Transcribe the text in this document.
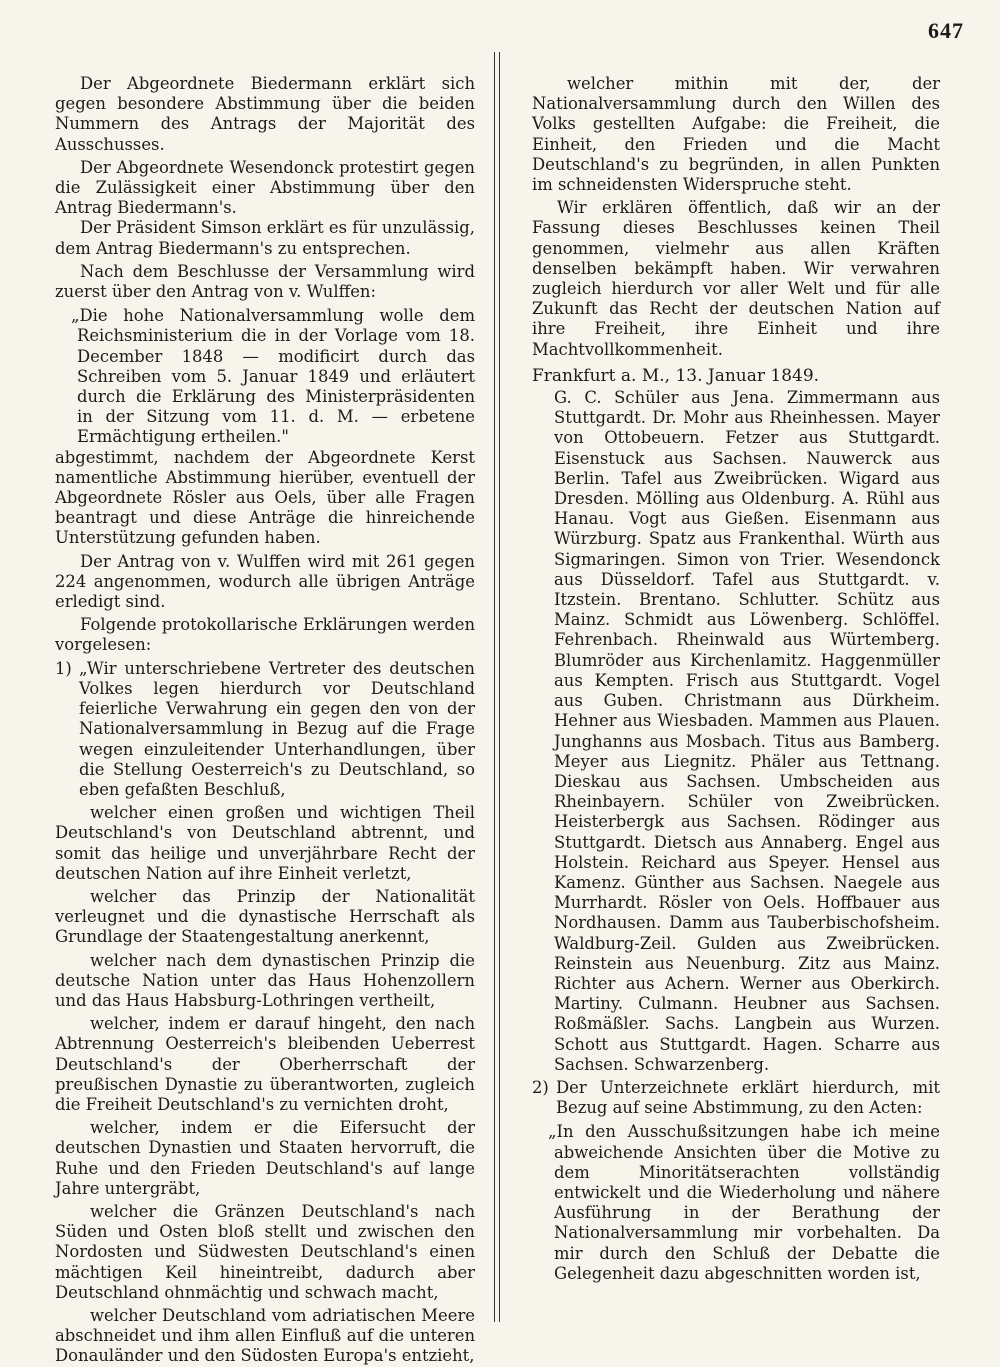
647

Der Abgeordnete Biedermann erklärt sich gegen besondere Abstimmung über die beiden Nummern des Antrags der Majorität des Ausschusses.

Der Abgeordnete Wesendonck protestirt gegen die Zulässigkeit einer Abstimmung über den Antrag Biedermann's.

Der Präsident Simson erklärt es für unzulässig, dem Antrag Biedermann's zu entsprechen.

Nach dem Beschlusse der Versammlung wird zuerst über den Antrag von v. Wulffen:

„Die hohe Nationalversammlung wolle dem Reichsministerium die in der Vorlage vom 18. December 1848 — modificirt durch das Schreiben vom 5. Januar 1849 und erläutert durch die Erklärung des Ministerpräsidenten in der Sitzung vom 11. d. M. — erbetene Ermächtigung ertheilen."

abgestimmt, nachdem der Abgeordnete Kerst namentliche Abstimmung hierüber, eventuell der Abgeordnete Rösler aus Oels, über alle Fragen beantragt und diese Anträge die hinreichende Unterstützung gefunden haben.

Der Antrag von v. Wulffen wird mit 261 gegen 224 angenommen, wodurch alle übrigen Anträge erledigt sind.

Folgende protokollarische Erklärungen werden vorgelesen:

1) „Wir unterschriebene Vertreter des deutschen Volkes legen hierdurch vor Deutschland feierliche Verwahrung ein gegen den von der Nationalversammlung in Bezug auf die Frage wegen einzuleitender Unterhandlungen, über die Stellung Oesterreich's zu Deutschland, so eben gefaßten Beschluß,

welcher einen großen und wichtigen Theil Deutschland's von Deutschland abtrennt, und somit das heilige und unverjährbare Recht der deutschen Nation auf ihre Einheit verletzt,

welcher das Prinzip der Nationalität verleugnet und die dynastische Herrschaft als Grundlage der Staatengestaltung anerkennt,

welcher nach dem dynastischen Prinzip die deutsche Nation unter das Haus Hohenzollern und das Haus Habsburg-Lothringen vertheilt,

welcher, indem er darauf hingeht, den nach Abtrennung Oesterreich's bleibenden Ueberrest Deutschland's der Oberherrschaft der preußischen Dynastie zu überantworten, zugleich die Freiheit Deutschland's zu vernichten droht,

welcher, indem er die Eifersucht der deutschen Dynastien und Staaten hervorruft, die Ruhe und den Frieden Deutschland's auf lange Jahre untergräbt,

welcher die Gränzen Deutschland's nach Süden und Osten bloß stellt und zwischen den Nordosten und Südwesten Deutschland's einen mächtigen Keil hineintreibt, dadurch aber Deutschland ohnmächtig und schwach macht,

welcher Deutschland vom adriatischen Meere abschneidet und ihm allen Einfluß auf die unteren Donauländer und den Südosten Europa's entzieht,

welcher mithin mit der, der Nationalversammlung durch den Willen des Volks gestellten Aufgabe: die Freiheit, die Einheit, den Frieden und die Macht Deutschland's zu begründen, in allen Punkten im schneidensten Widerspruche steht.

Wir erklären öffentlich, daß wir an der Fassung dieses Beschlusses keinen Theil genommen, vielmehr aus allen Kräften denselben bekämpft haben. Wir verwahren zugleich hierdurch vor aller Welt und für alle Zukunft das Recht der deutschen Nation auf ihre Freiheit, ihre Einheit und ihre Machtvollkommenheit.

Frankfurt a. M., 13. Januar 1849.

G. C. Schüler aus Jena. Zimmermann aus Stuttgardt. Dr. Mohr aus Rheinhessen. Mayer von Ottobeuern. Fetzer aus Stuttgardt. Eisenstuck aus Sachsen. Nauwerck aus Berlin. Tafel aus Zweibrücken. Wigard aus Dresden. Mölling aus Oldenburg. A. Rühl aus Hanau. Vogt aus Gießen. Eisenmann aus Würzburg. Spatz aus Frankenthal. Würth aus Sigmaringen. Simon von Trier. Wesendonck aus Düsseldorf. Tafel aus Stuttgardt. v. Itzstein. Brentano. Schlutter. Schütz aus Mainz. Schmidt aus Löwenberg. Schlöffel. Fehrenbach. Rheinwald aus Würtemberg. Blumröder aus Kirchenlamitz. Haggenmüller aus Kempten. Frisch aus Stuttgardt. Vogel aus Guben. Christmann aus Dürkheim. Hehner aus Wiesbaden. Mammen aus Plauen. Junghanns aus Mosbach. Titus aus Bamberg. Meyer aus Liegnitz. Phäler aus Tettnang. Dieskau aus Sachsen. Umbscheiden aus Rheinbayern. Schüler von Zweibrücken. Heisterbergk aus Sachsen. Rödinger aus Stuttgardt. Dietsch aus Annaberg. Engel aus Holstein. Reichard aus Speyer. Hensel aus Kamenz. Günther aus Sachsen. Naegele aus Murrhardt. Rösler von Oels. Hoffbauer aus Nordhausen. Damm aus Tauberbischofsheim. Waldburg-Zeil. Gulden aus Zweibrücken. Reinstein aus Neuenburg. Zitz aus Mainz. Richter aus Achern. Werner aus Oberkirch. Martiny. Culmann. Heubner aus Sachsen. Roßmäßler. Sachs. Langbein aus Wurzen. Schott aus Stuttgardt. Hagen. Scharre aus Sachsen. Schwarzenberg.

2) Der Unterzeichnete erklärt hierdurch, mit Bezug auf seine Abstimmung, zu den Acten:

„In den Ausschußsitzungen habe ich meine abweichende Ansichten über die Motive zu dem Minoritätserachten vollständig entwickelt und die Wiederholung und nähere Ausführung in der Berathung der Nationalversammlung mir vorbehalten. Da mir durch den Schluß der Debatte die Gelegenheit dazu abgeschnitten worden ist,
